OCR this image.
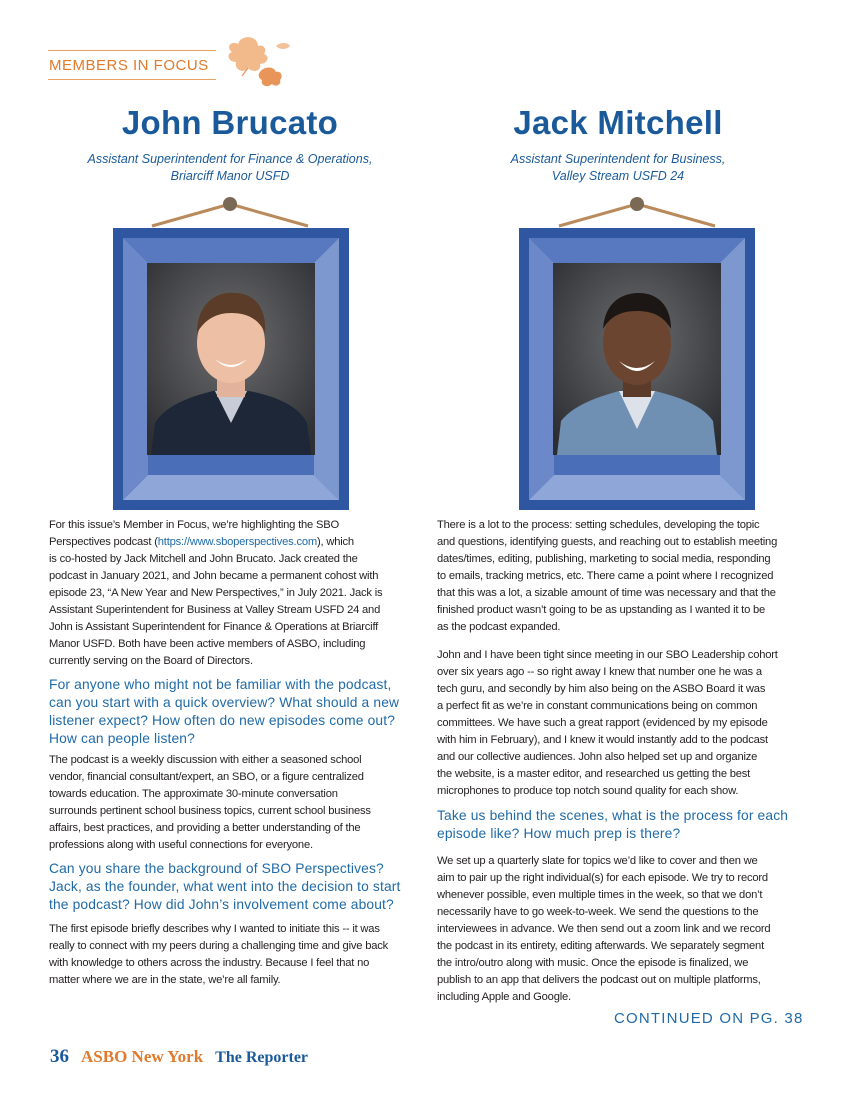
MEMBERS IN FOCUS
John Brucato
Assistant Superintendent for Finance & Operations,
Briarciff Manor USFD
Jack Mitchell
Assistant Superintendent for Business,
Valley Stream USFD 24

For this issue’s Member in Focus, we’re highlighting the SBO

Perspectives podcast (https://www.sboperspectives.com), which

is co-hosted by Jack Mitchell and John Brucato. Jack created the

podcast in January 2021, and John became a permanent cohost with

episode 23, “A New Year and New Perspectives,” in July 2021. Jack is

Assistant Superintendent for Business at Valley Stream USFD 24 and

John is Assistant Superintendent for Finance & Operations at Briarciff

Manor USFD. Both have been active members of ASBO, including

currently serving on the Board of Directors.

For anyone who might not be familiar with the podcast,

can you start with a quick overview? What should a new

listener expect? How often do new episodes come out?

How can people listen?

The podcast is a weekly discussion with either a seasoned school

vendor, financial consultant/expert, an SBO, or a figure centralized

towards education. The approximate 30-minute conversation

surrounds pertinent school business topics, current school business

affairs, best practices, and providing a better understanding of the

professions along with useful connections for everyone.

Can you share the background of SBO Perspectives?

Jack, as the founder, what went into the decision to start

the podcast? How did John’s involvement come about?

The first episode briefly describes why I wanted to initiate this -- it was

really to connect with my peers during a challenging time and give back

with knowledge to others across the industry. Because I feel that no

matter where we are in the state, we’re all family.

There is a lot to the process: setting schedules, developing the topic

and questions, identifying guests, and reaching out to establish meeting

dates/times, editing, publishing, marketing to social media, responding

to emails, tracking metrics, etc. There came a point where I recognized

that this was a lot, a sizable amount of time was necessary and that the

finished product wasn’t going to be as upstanding as I wanted it to be

as the podcast expanded.

John and I have been tight since meeting in our SBO Leadership cohort

over six years ago -- so right away I knew that number one he was a

tech guru, and secondly by him also being on the ASBO Board it was

a perfect fit as we’re in constant communications being on common

committees. We have such a great rapport (evidenced by my episode

with him in February), and I knew it would instantly add to the podcast

and our collective audiences. John also helped set up and organize

the website, is a master editor, and researched us getting the best

microphones to produce top notch sound quality for each show.

Take us behind the scenes, what is the process for each

episode like? How much prep is there?

We set up a quarterly slate for topics we’d like to cover and then we

aim to pair up the right individual(s) for each episode. We try to record

whenever possible, even multiple times in the week, so that we don’t

necessarily have to go week-to-week. We send the questions to the

interviewees in advance. We then send out a zoom link and we record

the podcast in its entirety, editing afterwards. We separately segment

the intro/outro along with music. Once the episode is finalized, we

publish to an app that delivers the podcast out on multiple platforms,

including Apple and Google.

CONTINUED ON PG. 38
36 ASBO New York The Reporter
